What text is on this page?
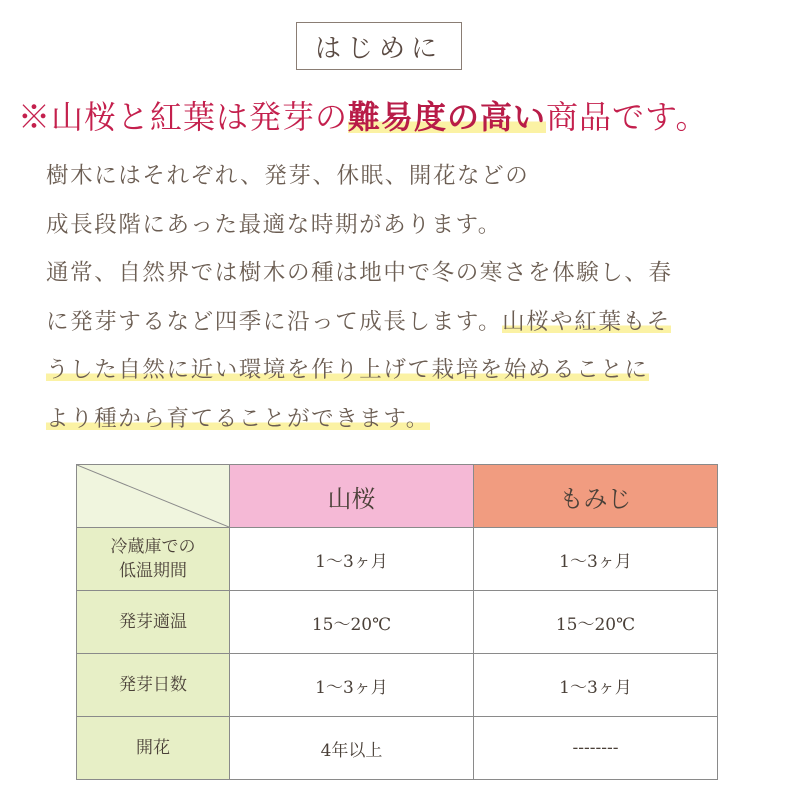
はじめに
※山桜と紅葉は発芽の難易度の高い商品です。
樹木にはそれぞれ、発芽、休眠、開花などの
成長段階にあった最適な時期があります。
通常、自然界では樹木の種は地中で冬の寒さを体験し、春
に発芽するなど四季に沿って成長します。山桜や紅葉もそ
うした自然に近い環境を作り上げて栽培を始めることに
より種から育てることができます。
	山桜	もみじ
冷蔵庫での
低温期間	1〜3ヶ月	1〜3ヶ月
発芽適温	15〜20℃	15〜20℃
発芽日数	1〜3ヶ月	1〜3ヶ月
開花	4年以上	--------
